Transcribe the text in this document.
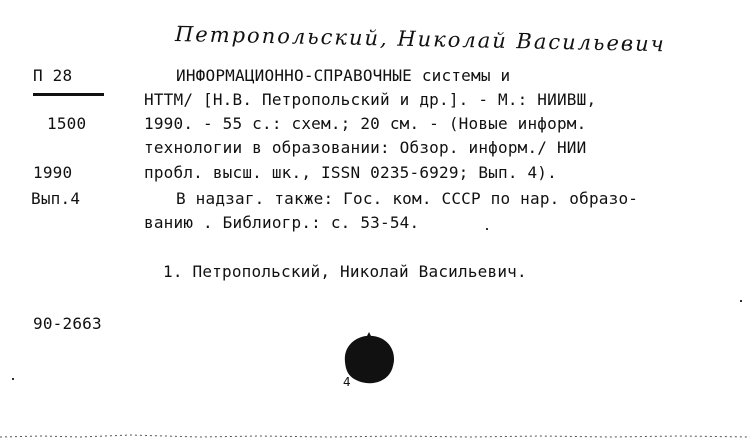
Петропольский, Николай Васильевич
П 28
1500
1990
Вып.4
ИНФОРМАЦИОННО-СПРАВОЧНЫЕ системы и
НТТМ/ [Н.В. Петропольский и др.]. - М.: НИИВШ,
1990. - 55 с.: схем.; 20 см. - (Новые информ.
технологии в образовании: Обзор. информ./ НИИ
пробл. высш. шк., ISSN 0235-6929; Вып. 4).
В надзаг. также: Гос. ком. СССР по нар. образо-
ванию . Библиогр.: с. 53-54.
1. Петропольский, Николай Васильевич.
90-2663
4
